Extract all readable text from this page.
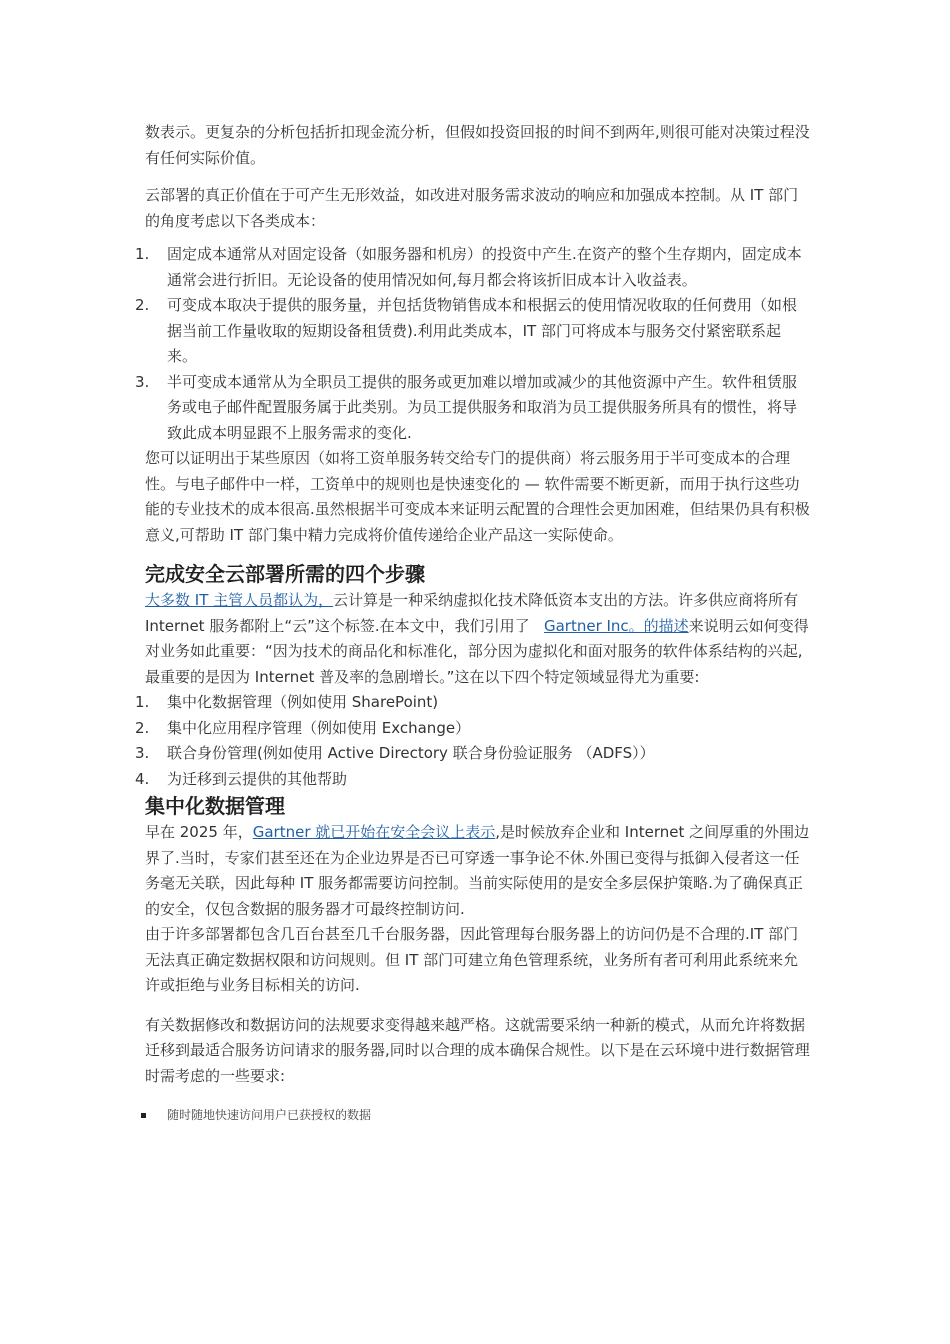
数表示。更复杂的分析包括折扣现金流分析，但假如投资回报的时间不到两年,则很可能对决策过程没有任何实际价值。

云部署的真正价值在于可产生无形效益，如改进对服务需求波动的响应和加强成本控制。从 IT 部门的角度考虑以下各类成本：

1.	固定成本通常从对固定设备（如服务器和机房）的投资中产生.在资产的整个生存期内，固定成本通常会进行折旧。无论设备的使用情况如何,每月都会将该折旧成本计入收益表。
2.	可变成本取决于提供的服务量，并包括货物销售成本和根据云的使用情况收取的任何费用（如根据当前工作量收取的短期设备租赁费).利用此类成本，IT 部门可将成本与服务交付紧密联系起来。
3.	半可变成本通常从为全职员工提供的服务或更加难以增加或减少的其他资源中产生。软件租赁服务或电子邮件配置服务属于此类别。为员工提供服务和取消为员工提供服务所具有的惯性，将导致此成本明显跟不上服务需求的变化.

您可以证明出于某些原因（如将工资单服务转交给专门的提供商）将云服务用于半可变成本的合理性。与电子邮件中一样，工资单中的规则也是快速变化的 — 软件需要不断更新，而用于执行这些功能的专业技术的成本很高.虽然根据半可变成本来证明云配置的合理性会更加困难，但结果仍具有积极意义,可帮助 IT 部门集中精力完成将价值传递给企业产品这一实际使命。

完成安全云部署所需的四个步骤

大多数 IT 主管人员都认为，云计算是一种采纳虚拟化技术降低资本支出的方法。许多供应商将所有 Internet 服务都附上“云”这个标签.在本文中，我们引用了 Gartner Inc。的描述来说明云如何变得对业务如此重要：“因为技术的商品化和标准化，部分因为虚拟化和面对服务的软件体系结构的兴起,最重要的是因为 Internet 普及率的急剧增长。”这在以下四个特定领域显得尤为重要:

1.	集中化数据管理（例如使用 SharePoint)
2.	集中化应用程序管理（例如使用 Exchange）
3.	联合身份管理(例如使用 Active Directory 联合身份验证服务 （ADFS））
4.	为迁移到云提供的其他帮助
集中化数据管理

早在 2025 年，Gartner 就已开始在安全会议上表示,是时候放弃企业和 Internet 之间厚重的外围边界了.当时，专家们甚至还在为企业边界是否已可穿透一事争论不休.外围已变得与抵御入侵者这一任务毫无关联，因此每种 IT 服务都需要访问控制。当前实际使用的是安全多层保护策略.为了确保真正的安全，仅包含数据的服务器才可最终控制访问.

由于许多部署都包含几百台甚至几千台服务器，因此管理每台服务器上的访问仍是不合理的.IT 部门无法真正确定数据权限和访问规则。但 IT 部门可建立角色管理系统，业务所有者可利用此系统来允许或拒绝与业务目标相关的访问.

有关数据修改和数据访问的法规要求变得越来越严格。这就需要采纳一种新的模式，从而允许将数据迁移到最适合服务访问请求的服务器,同时以合理的成本确保合规性。以下是在云环境中进行数据管理时需考虑的一些要求:

随时随地快速访问用户已获授权的数据
